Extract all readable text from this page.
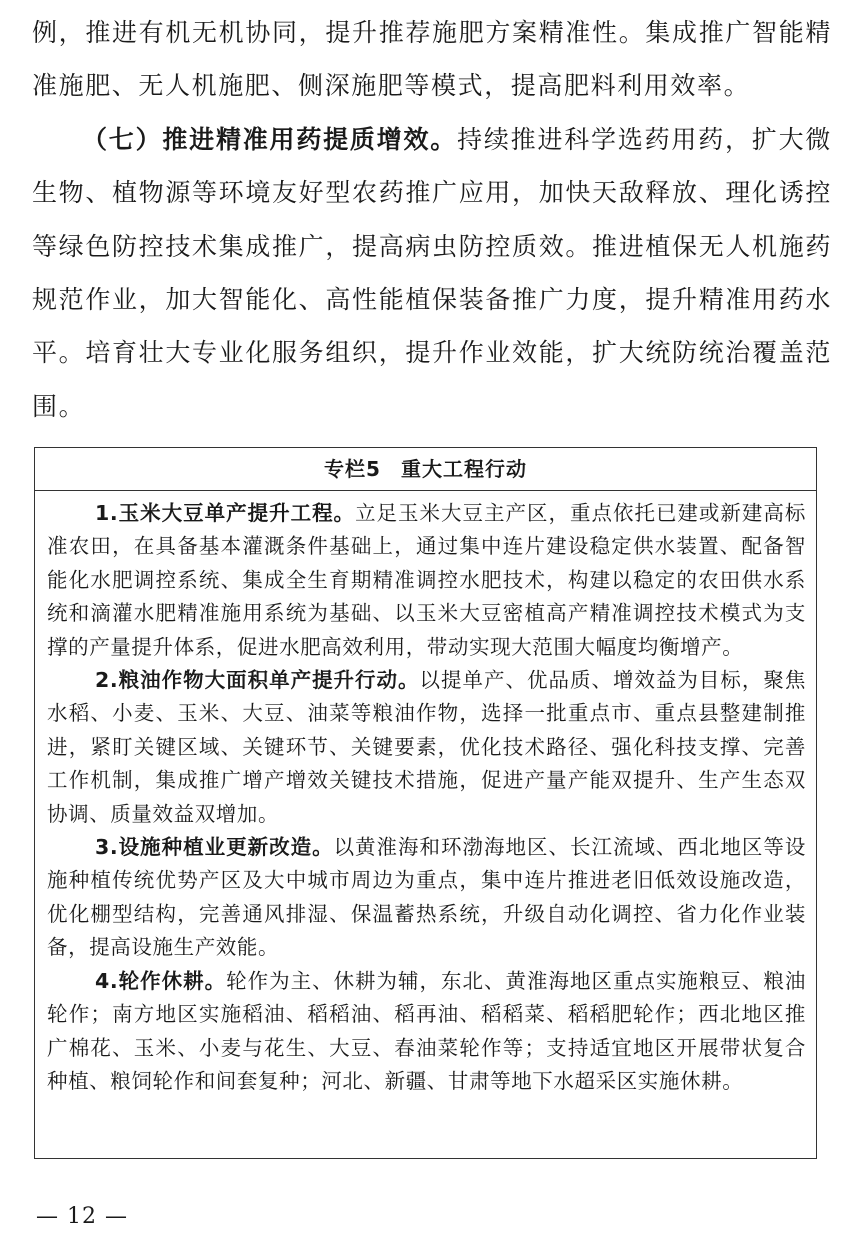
例，推进有机无机协同，提升推荐施肥方案精准性。集成推广智能精准施肥、无人机施肥、侧深施肥等模式，提高肥料利用效率。

（七）推进精准用药提质增效。持续推进科学选药用药，扩大微生物、植物源等环境友好型农药推广应用，加快天敌释放、理化诱控等绿色防控技术集成推广，提高病虫防控质效。推进植保无人机施药规范作业，加大智能化、高性能植保装备推广力度，提升精准用药水平。培育壮大专业化服务组织，提升作业效能，扩大统防统治覆盖范围。

专栏5 重大工程行动

1.玉米大豆单产提升工程。立足玉米大豆主产区，重点依托已建或新建高标准农田，在具备基本灌溉条件基础上，通过集中连片建设稳定供水装置、配备智能化水肥调控系统、集成全生育期精准调控水肥技术，构建以稳定的农田供水系统和滴灌水肥精准施用系统为基础、以玉米大豆密植高产精准调控技术模式为支撑的产量提升体系，促进水肥高效利用，带动实现大范围大幅度均衡增产。

2.粮油作物大面积单产提升行动。以提单产、优品质、增效益为目标，聚焦水稻、小麦、玉米、大豆、油菜等粮油作物，选择一批重点市、重点县整建制推进，紧盯关键区域、关键环节、关键要素，优化技术路径、强化科技支撑、完善工作机制，集成推广增产增效关键技术措施，促进产量产能双提升、生产生态双协调、质量效益双增加。

3.设施种植业更新改造。以黄淮海和环渤海地区、长江流域、西北地区等设施种植传统优势产区及大中城市周边为重点，集中连片推进老旧低效设施改造，优化棚型结构，完善通风排湿、保温蓄热系统，升级自动化调控、省力化作业装备，提高设施生产效能。

4.轮作休耕。轮作为主、休耕为辅，东北、黄淮海地区重点实施粮豆、粮油轮作；南方地区实施稻油、稻稻油、稻再油、稻稻菜、稻稻肥轮作；西北地区推广棉花、玉米、小麦与花生、大豆、春油菜轮作等；支持适宜地区开展带状复合种植、粮饲轮作和间套复种；河北、新疆、甘肃等地下水超采区实施休耕。

— 12 —
